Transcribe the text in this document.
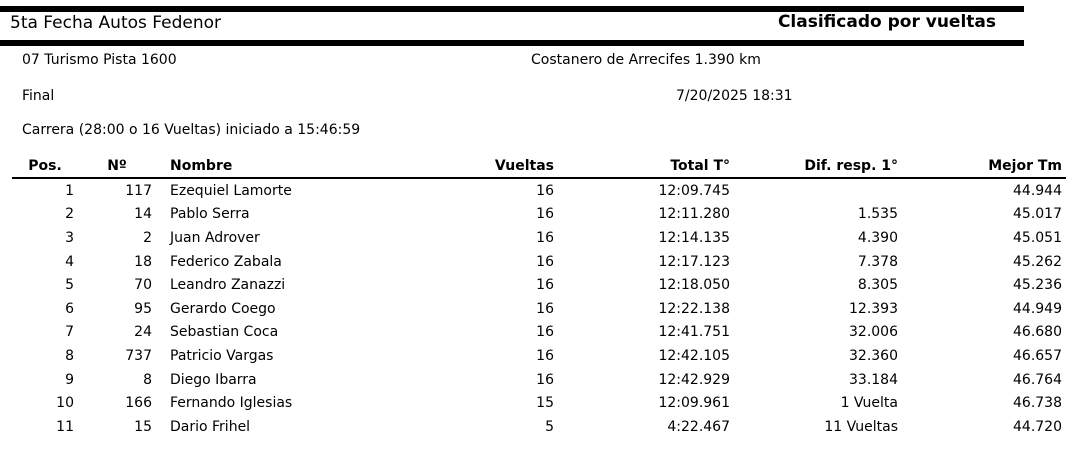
5ta Fecha Autos Fedenor	Clasificado por vueltas
07 Turismo Pista 1600	Costanero de Arrecifes 1.390 km
Final	7/20/2025 18:31
Carrera (28:00 o 16 Vueltas) iniciado a 15:46:59
Pos.	Nº	Nombre	Vueltas	Total T°	Dif. resp. 1°	Mejor Tm
1	117	Ezequiel Lamorte	16	12:09.745		44.944
2	14	Pablo Serra	16	12:11.280	1.535	45.017
3	2	Juan Adrover	16	12:14.135	4.390	45.051
4	18	Federico Zabala	16	12:17.123	7.378	45.262
5	70	Leandro Zanazzi	16	12:18.050	8.305	45.236
6	95	Gerardo Coego	16	12:22.138	12.393	44.949
7	24	Sebastian Coca	16	12:41.751	32.006	46.680
8	737	Patricio Vargas	16	12:42.105	32.360	46.657
9	8	Diego Ibarra	16	12:42.929	33.184	46.764
10	166	Fernando Iglesias	15	12:09.961	1 Vuelta	46.738
11	15	Dario Frihel	5	4:22.467	11 Vueltas	44.720
